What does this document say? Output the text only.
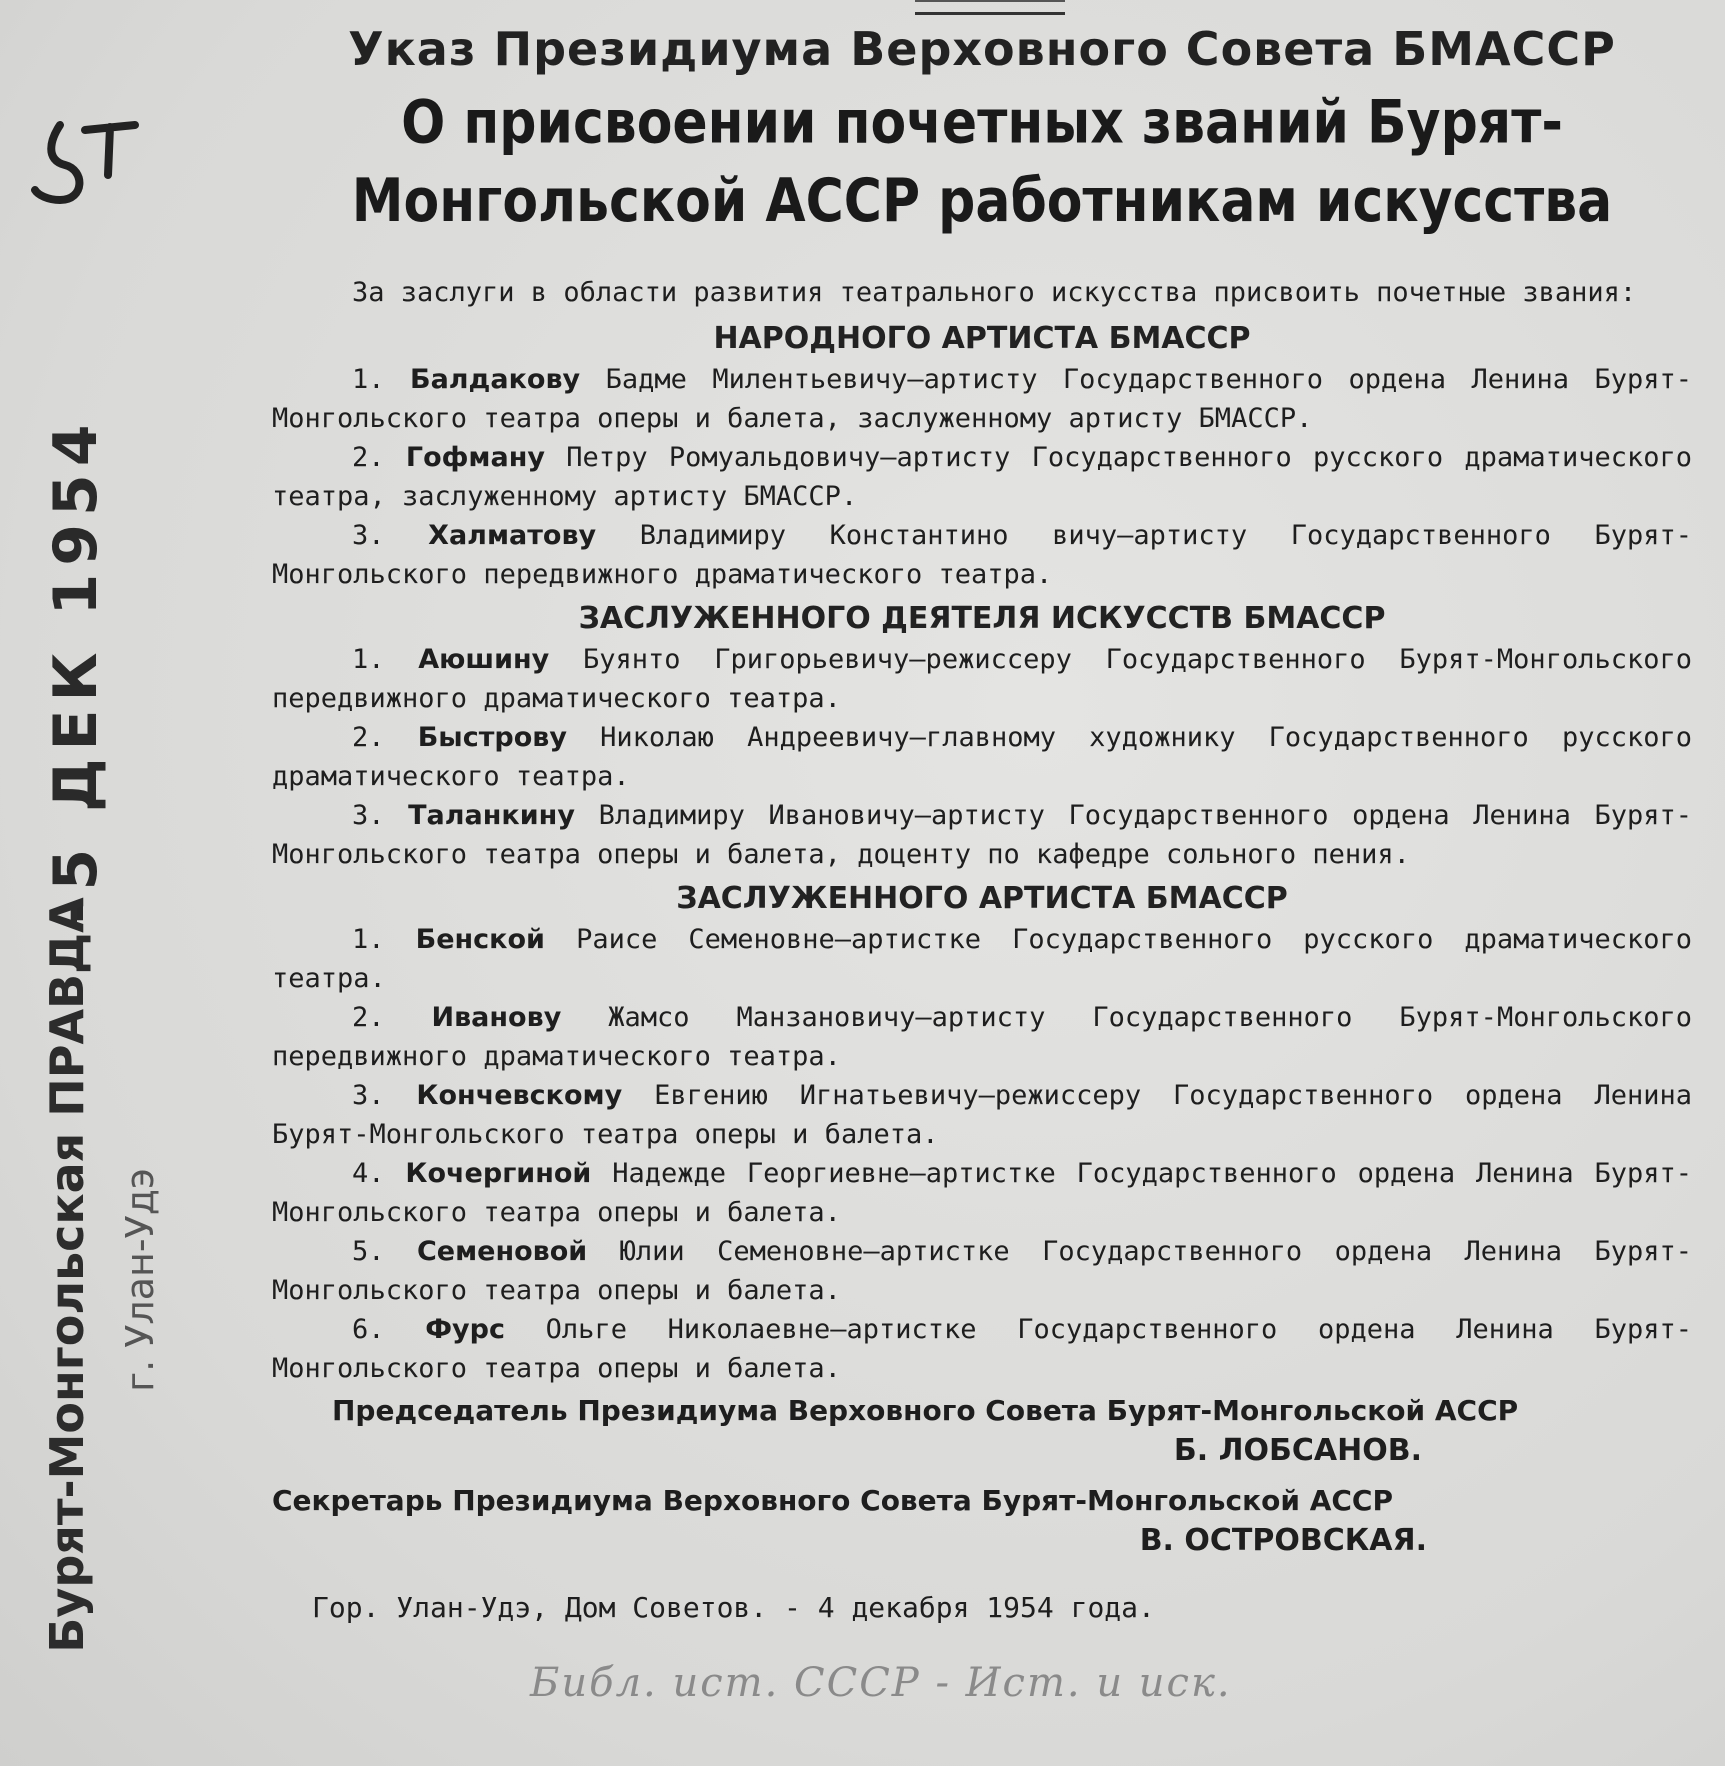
-5 ДЕК 1954
Бурят-Монгольская ПРАВДА г. Улан-Удэ
Указ Президиума Верховного Совета БМАССР
О присвоении почетных званий Бурят-Монгольской АССР работникам искусства

За заслуги в области развития театрального искусства присвоить почетные звания:

НАРОДНОГО АРТИСТА БМАССР

1. Балдакову Бадме Милентьевичу—артисту Государственного ордена Ленина Бурят-Монгольского театра оперы и балета, заслуженному артисту БМАССР.

2. Гофману Петру Ромуальдовичу—артисту Государственного русского драматического театра, заслуженному артисту БМАССР.

3. Халматову Владимиру Константино вичу—артисту Государственного Бурят-Монгольского передвижного драматического театра.

ЗАСЛУЖЕННОГО ДЕЯТЕЛЯ ИСКУССТВ БМАССР

1. Аюшину Буянто Григорьевичу—режиссеру Государственного Бурят-Монгольского передвижного драматического театра.

2. Быстрову Николаю Андреевичу—главному художнику Государственного русского драматического театра.

3. Таланкину Владимиру Ивановичу—артисту Государственного ордена Ленина Бурят-Монгольского театра оперы и балета, доценту по кафедре сольного пения.

ЗАСЛУЖЕННОГО АРТИСТА БМАССР

1. Бенской Раисе Семеновне—артистке Государственного русского драматического театра.

2. Иванову Жамсо Манзановичу—артисту Государственного Бурят-Монгольского передвижного драматического театра.

3. Кончевскому Евгению Игнатьевичу—режиссеру Государственного ордена Ленина Бурят-Монгольского театра оперы и балета.

4. Кочергиной Надежде Георгиевне—артистке Государственного ордена Ленина Бурят-Монгольского театра оперы и балета.

5. Семеновой Юлии Семеновне—артистке Государственного ордена Ленина Бурят-Монгольского театра оперы и балета.

6. Фурс Ольге Николаевне—артистке Государственного ордена Ленина Бурят-Монгольского театра оперы и балета.

Председатель Президиума Верховного Совета Бурят-Монгольской АССР

Б. ЛОБСАНОВ.

Секретарь Президиума Верховного Совета Бурят-Монгольской АССР

В. ОСТРОВСКАЯ.

Гор. Улан-Удэ, Дом Советов. - 4 декабря 1954 года.

Библ. ист. СССР - Ист. и иск.
